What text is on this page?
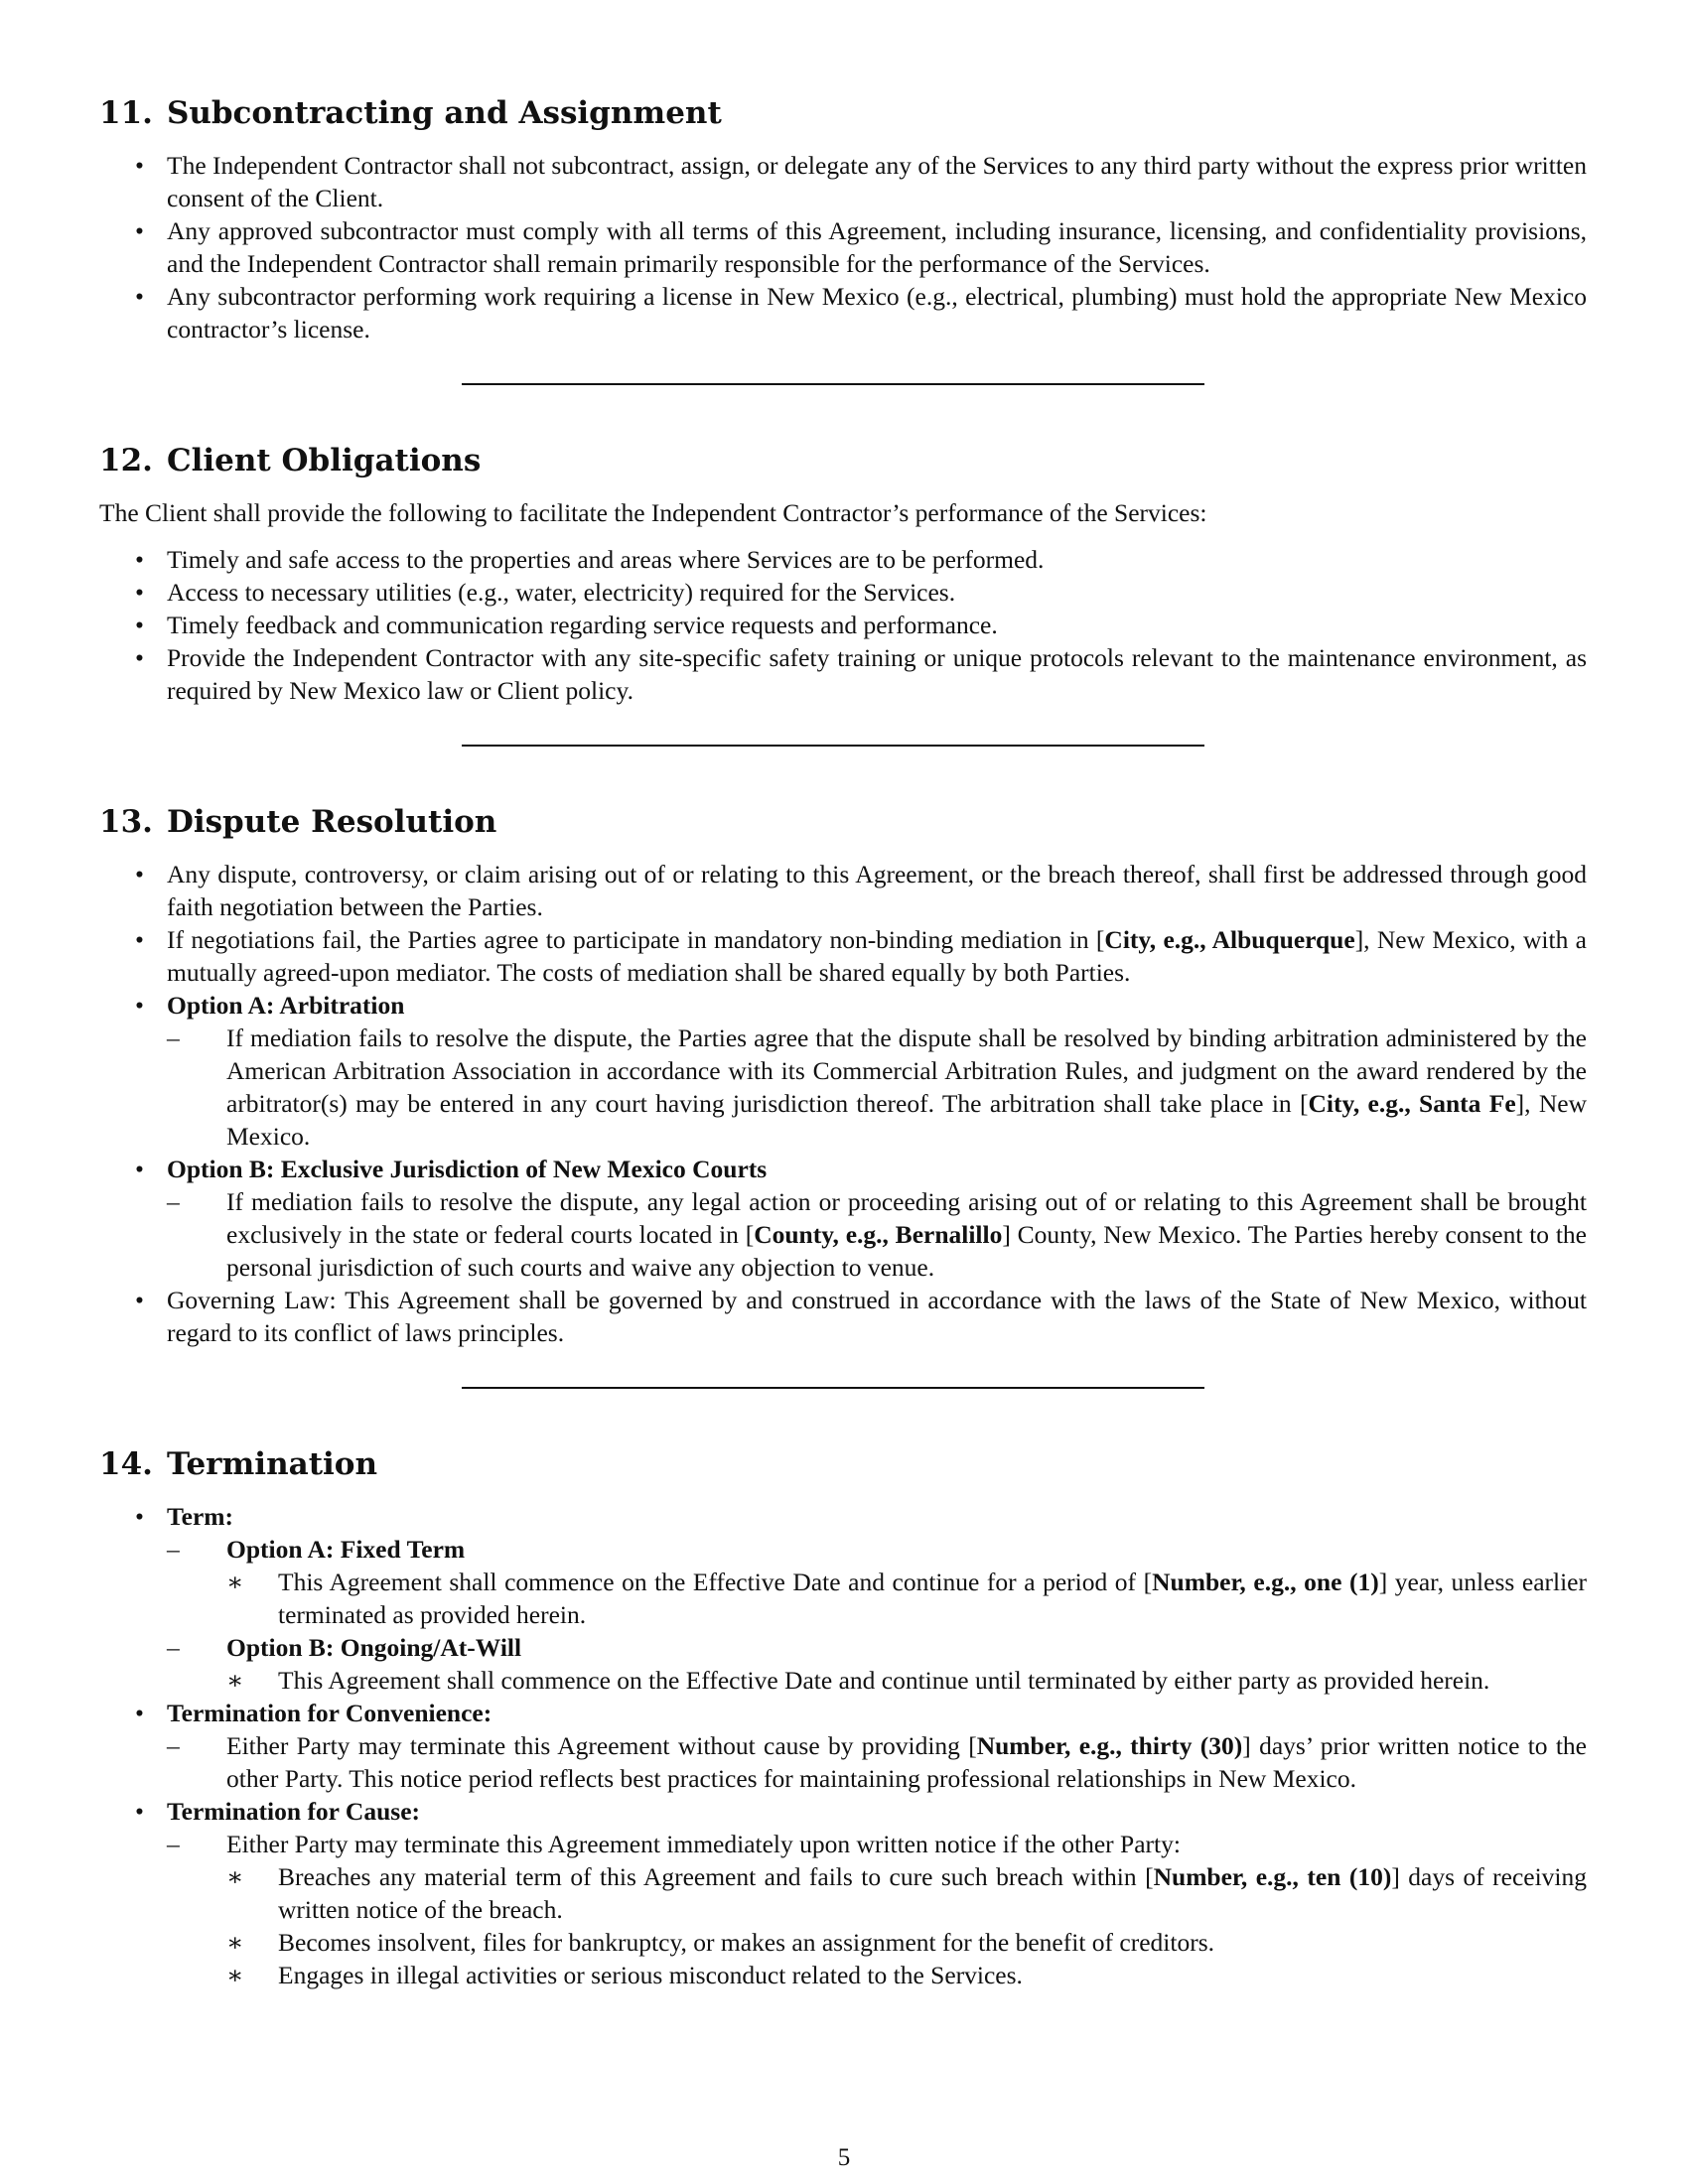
11. Subcontracting and Assignment
• The Independent Contractor shall not subcontract, assign, or delegate any of the Services to any third party without the express prior written consent of the Client.
• Any approved subcontractor must comply with all terms of this Agreement, including insurance, licensing, and confidentiality provisions, and the Independent Contractor shall remain primarily responsible for the performance of the Services.
• Any subcontractor performing work requiring a license in New Mexico (e.g., electrical, plumbing) must hold the appropriate New Mexico contractor’s license.
12. Client Obligations

The Client shall provide the following to facilitate the Independent Contractor’s performance of the Services:

• Timely and safe access to the properties and areas where Services are to be performed.
• Access to necessary utilities (e.g., water, electricity) required for the Services.
• Timely feedback and communication regarding service requests and performance.
• Provide the Independent Contractor with any site-specific safety training or unique protocols relevant to the maintenance environment, as required by New Mexico law or Client policy.
13. Dispute Resolution
• Any dispute, controversy, or claim arising out of or relating to this Agreement, or the breach thereof, shall first be addressed through good faith negotiation between the Parties.
• If negotiations fail, the Parties agree to participate in mandatory non-binding mediation in [City, e.g., Albuquerque], New Mexico, with a mutually agreed-upon mediator. The costs of mediation shall be shared equally by both Parties.
• Option A: Arbitration
– If mediation fails to resolve the dispute, the Parties agree that the dispute shall be resolved by binding arbitration administered by the American Arbitration Association in accordance with its Commercial Arbitration Rules, and judgment on the award rendered by the arbitrator(s) may be entered in any court having jurisdiction thereof. The arbitration shall take place in [City, e.g., Santa Fe], New Mexico.
• Option B: Exclusive Jurisdiction of New Mexico Courts
– If mediation fails to resolve the dispute, any legal action or proceeding arising out of or relating to this Agreement shall be brought exclusively in the state or federal courts located in [County, e.g., Bernalillo] County, New Mexico. The Parties hereby consent to the personal jurisdiction of such courts and waive any objection to venue.
• Governing Law: This Agreement shall be governed by and construed in accordance with the laws of the State of New Mexico, without regard to its conflict of laws principles.
14. Termination
• Term:
– Option A: Fixed Term
∗ This Agreement shall commence on the Effective Date and continue for a period of [Number, e.g., one (1)] year, unless earlier terminated as provided herein.
– Option B: Ongoing/At-Will
∗ This Agreement shall commence on the Effective Date and continue until terminated by either party as provided herein.
• Termination for Convenience:
– Either Party may terminate this Agreement without cause by providing [Number, e.g., thirty (30)] days’ prior written notice to the other Party. This notice period reflects best practices for maintaining professional relationships in New Mexico.
• Termination for Cause:
– Either Party may terminate this Agreement immediately upon written notice if the other Party:
∗ Breaches any material term of this Agreement and fails to cure such breach within [Number, e.g., ten (10)] days of receiving written notice of the breach.
∗ Becomes insolvent, files for bankruptcy, or makes an assignment for the benefit of creditors.
∗ Engages in illegal activities or serious misconduct related to the Services.
5
